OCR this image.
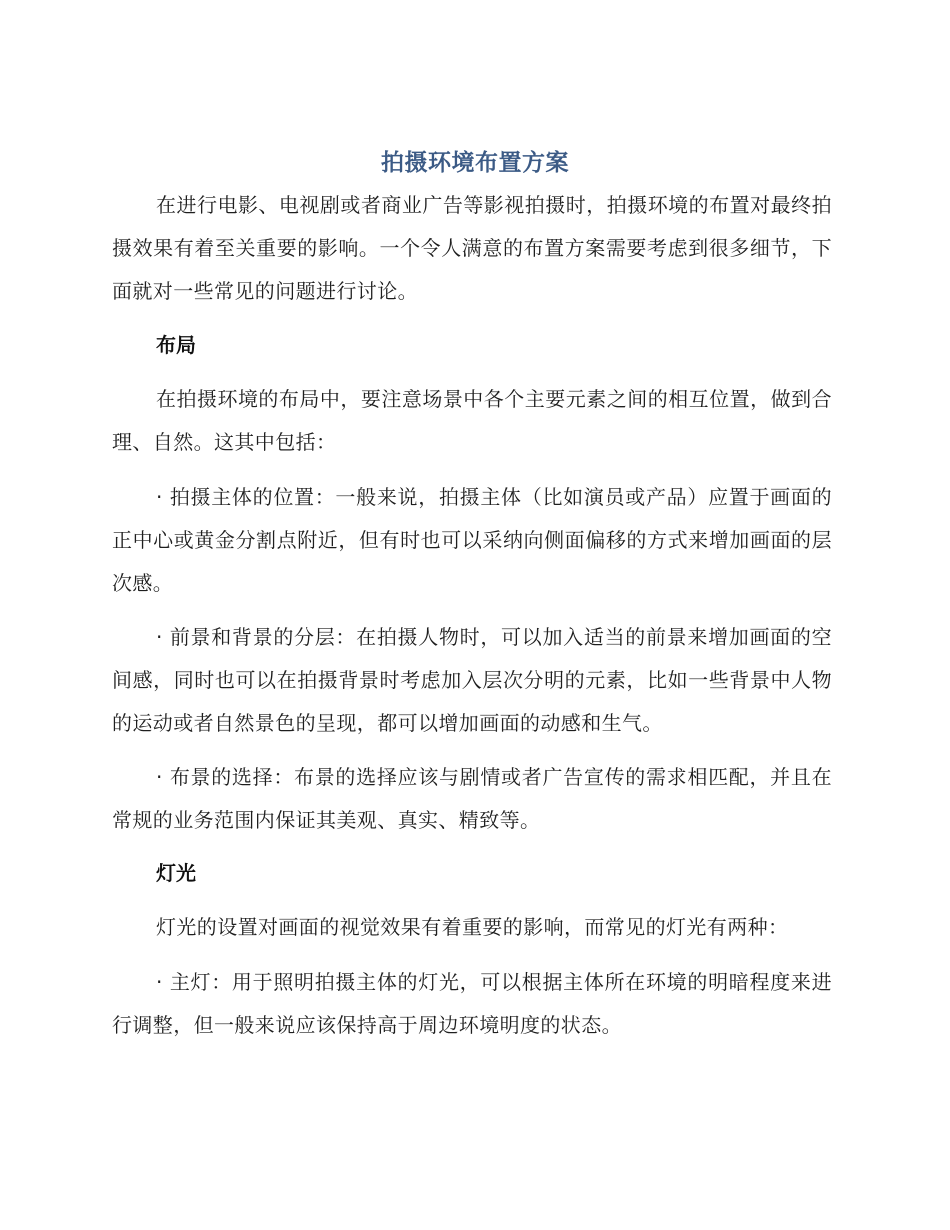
拍摄环境布置方案
在进行电影、电视剧或者商业广告等影视拍摄时，拍摄环境的布置对最终拍摄效果有着至关重要的影响。一个令人满意的布置方案需要考虑到很多细节，下面就对一些常见的问题进行讨论。
布局
在拍摄环境的布局中，要注意场景中各个主要元素之间的相互位置，做到合理、自然。这其中包括：
· 拍摄主体的位置：一般来说，拍摄主体（比如演员或产品）应置于画面的正中心或黄金分割点附近，但有时也可以采纳向侧面偏移的方式来增加画面的层次感。
· 前景和背景的分层：在拍摄人物时，可以加入适当的前景来增加画面的空间感，同时也可以在拍摄背景时考虑加入层次分明的元素，比如一些背景中人物的运动或者自然景色的呈现，都可以增加画面的动感和生气。
· 布景的选择：布景的选择应该与剧情或者广告宣传的需求相匹配，并且在常规的业务范围内保证其美观、真实、精致等。
灯光
灯光的设置对画面的视觉效果有着重要的影响，而常见的灯光有两种：
· 主灯：用于照明拍摄主体的灯光，可以根据主体所在环境的明暗程度来进行调整，但一般来说应该保持高于周边环境明度的状态。
